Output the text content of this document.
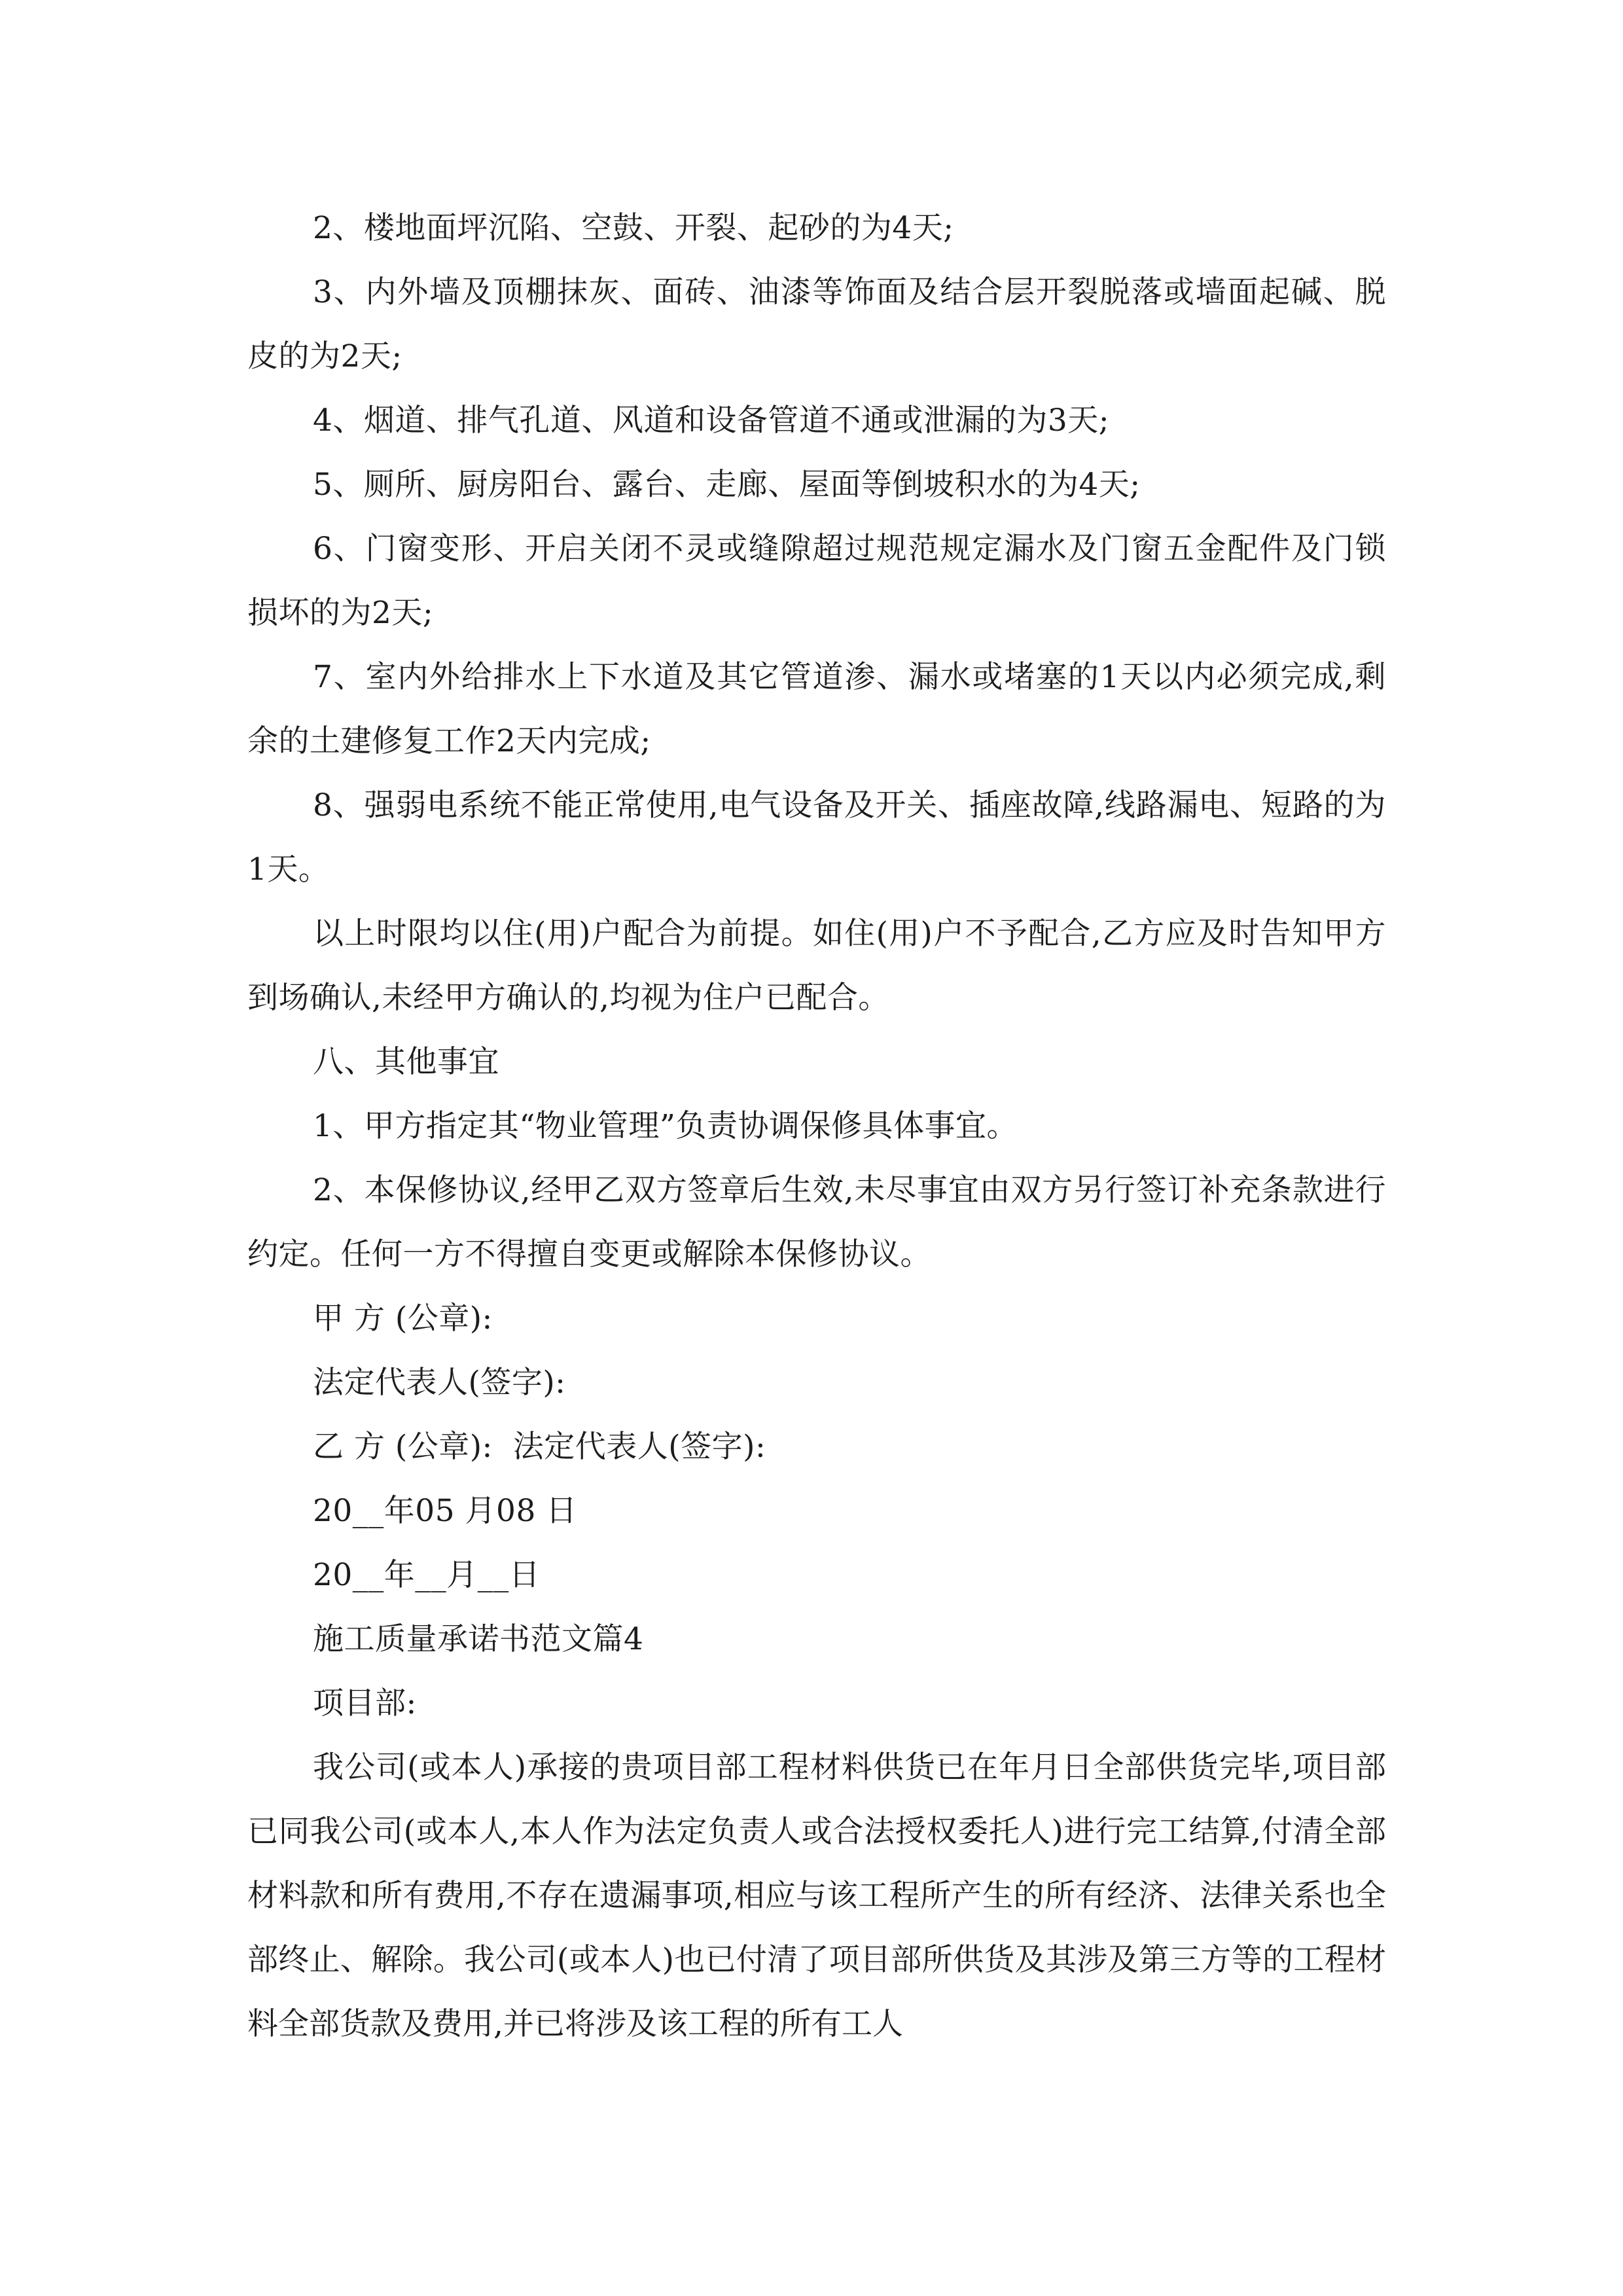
2、楼地面坪沉陷、空鼓、开裂、起砂的为4天;

3、内外墙及顶棚抹灰、面砖、油漆等饰面及结合层开裂脱落或墙面起碱、脱皮的为2天;

4、烟道、排气孔道、风道和设备管道不通或泄漏的为3天;

5、厕所、厨房阳台、露台、走廊、屋面等倒坡积水的为4天;

6、门窗变形、开启关闭不灵或缝隙超过规范规定漏水及门窗五金配件及门锁损坏的为2天;

7、室内外给排水上下水道及其它管道渗、漏水或堵塞的1天以内必须完成,剩余的土建修复工作2天内完成;

8、强弱电系统不能正常使用,电气设备及开关、插座故障,线路漏电、短路的为1天。

以上时限均以住(用)户配合为前提。如住(用)户不予配合,乙方应及时告知甲方到场确认,未经甲方确认的,均视为住户已配合。

八、其他事宜

1、甲方指定其“物业管理”负责协调保修具体事宜。

2、本保修协议,经甲乙双方签章后生效,未尽事宜由双方另行签订补充条款进行约定。任何一方不得擅自变更或解除本保修协议。

甲 方 (公章):

法定代表人(签字):

乙 方 (公章):  法定代表人(签字):

20__年05 月08 日

20__年__月__日

施工质量承诺书范文篇4

项目部:

我公司(或本人)承接的贵项目部工程材料供货已在年月日全部供货完毕,项目部已同我公司(或本人,本人作为法定负责人或合法授权委托人)进行完工结算,付清全部材料款和所有费用,不存在遗漏事项,相应与该工程所产生的所有经济、法律关系也全部终止、解除。我公司(或本人)也已付清了项目部所供货及其涉及第三方等的工程材料全部货款及费用,并已将涉及该工程的所有工人
